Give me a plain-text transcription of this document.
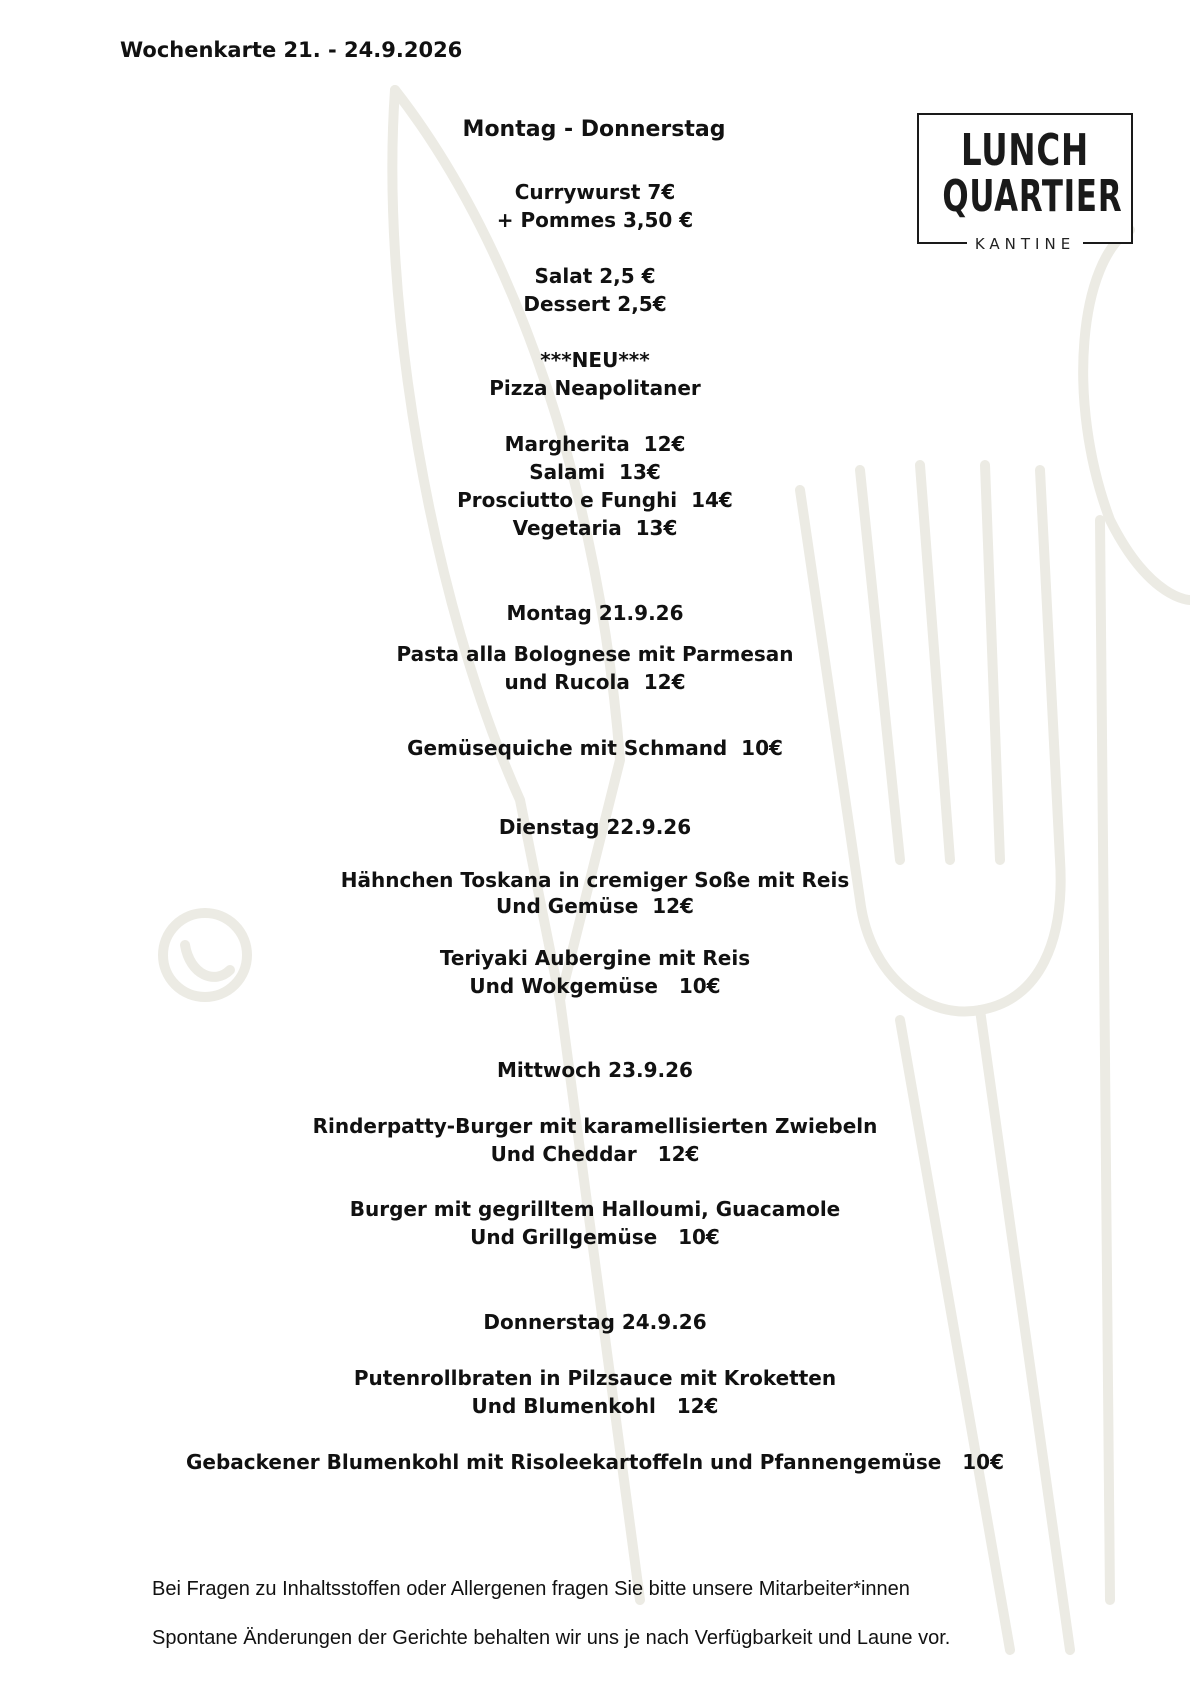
Wochenkarte 21. - 24.9.2026
LUNCH
QUARTIER
KANTINE
Montag - Donnerstag
Currywurst 7€
+ Pommes 3,50 €
Salat 2,5 €
Dessert 2,5€
***NEU***
Pizza Neapolitaner
Margherita  12€
Salami  13€
Prosciutto e Funghi  14€
Vegetaria  13€
Montag 21.9.26
Pasta alla Bolognese mit Parmesan
und Rucola  12€
Gemüsequiche mit Schmand  10€
Dienstag 22.9.26
Hähnchen Toskana in cremiger Soße mit Reis
Und Gemüse  12€
Teriyaki Aubergine mit Reis
Und Wokgemüse   10€
Mittwoch 23.9.26
Rinderpatty-Burger mit karamellisierten Zwiebeln
Und Cheddar   12€
Burger mit gegrilltem Halloumi, Guacamole
Und Grillgemüse   10€
Donnerstag 24.9.26
Putenrollbraten in Pilzsauce mit Kroketten
Und Blumenkohl   12€
Gebackener Blumenkohl mit Risoleekartoffeln und Pfannengemüse   10€
Bei Fragen zu Inhaltsstoffen oder Allergenen fragen Sie bitte unsere Mitarbeiter*innen
Spontane Änderungen der Gerichte behalten wir uns je nach Verfügbarkeit und Laune vor.
